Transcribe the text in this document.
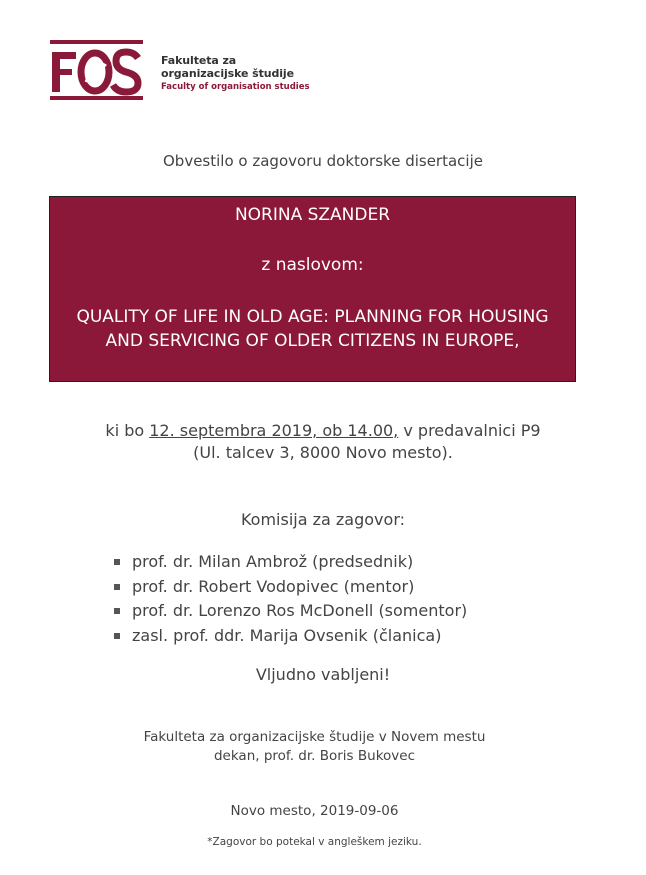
Fakulteta za
organizacijske študije
Faculty of organisation studies
Obvestilo o zagovoru doktorske disertacije
NORINA SZANDER
z naslovom:
QUALITY OF LIFE IN OLD AGE: PLANNING FOR HOUSING AND SERVICING OF OLDER CITIZENS IN EUROPE,
ki bo 12. septembra 2019, ob 14.00, v predavalnici P9
(Ul. talcev 3, 8000 Novo mesto).
Komisija za zagovor:
prof. dr. Milan Ambrož (predsednik)
prof. dr. Robert Vodopivec (mentor)
prof. dr. Lorenzo Ros McDonell (somentor)
zasl. prof. ddr. Marija Ovsenik (članica)
Vljudno vabljeni!
Fakulteta za organizacijske študije v Novem mestu
dekan, prof. dr. Boris Bukovec
Novo mesto, 2019-09-06
*Zagovor bo potekal v angleškem jeziku.
